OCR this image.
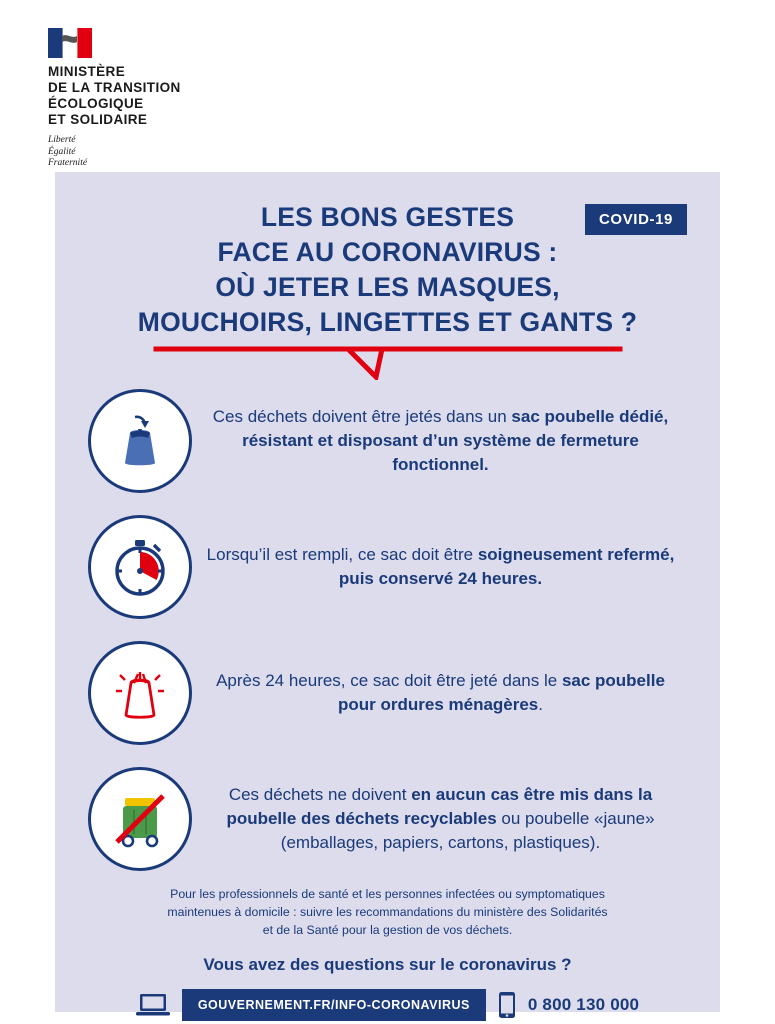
MINISTÈRE
DE LA TRANSITION
ÉCOLOGIQUE
ET SOLIDAIRE
Liberté
Égalité
Fraternité
COVID-19
LES BONS GESTES
FACE AU CORONAVIRUS :
OÙ JETER LES MASQUES,
MOUCHOIRS, LINGETTES ET GANTS ?
Ces déchets doivent être jetés dans un sac poubelle dédié, résistant et disposant d’un système de fermeture fonctionnel.
Lorsqu’il est rempli, ce sac doit être soigneusement refermé, puis conservé 24 heures.
Après 24 heures, ce sac doit être jeté dans le sac poubelle pour ordures ménagères.
Ces déchets ne doivent en aucun cas être mis dans la poubelle des déchets recyclables ou poubelle «jaune» (emballages, papiers, cartons, plastiques).
Pour les professionnels de santé et les personnes infectées ou symptomatiques
maintenues à domicile : suivre les recommandations du ministère des Solidarités
et de la Santé pour la gestion de vos déchets.
Vous avez des questions sur le coronavirus ?
GOUVERNEMENT.FR/INFO-CORONAVIRUS	0 800 130 000
